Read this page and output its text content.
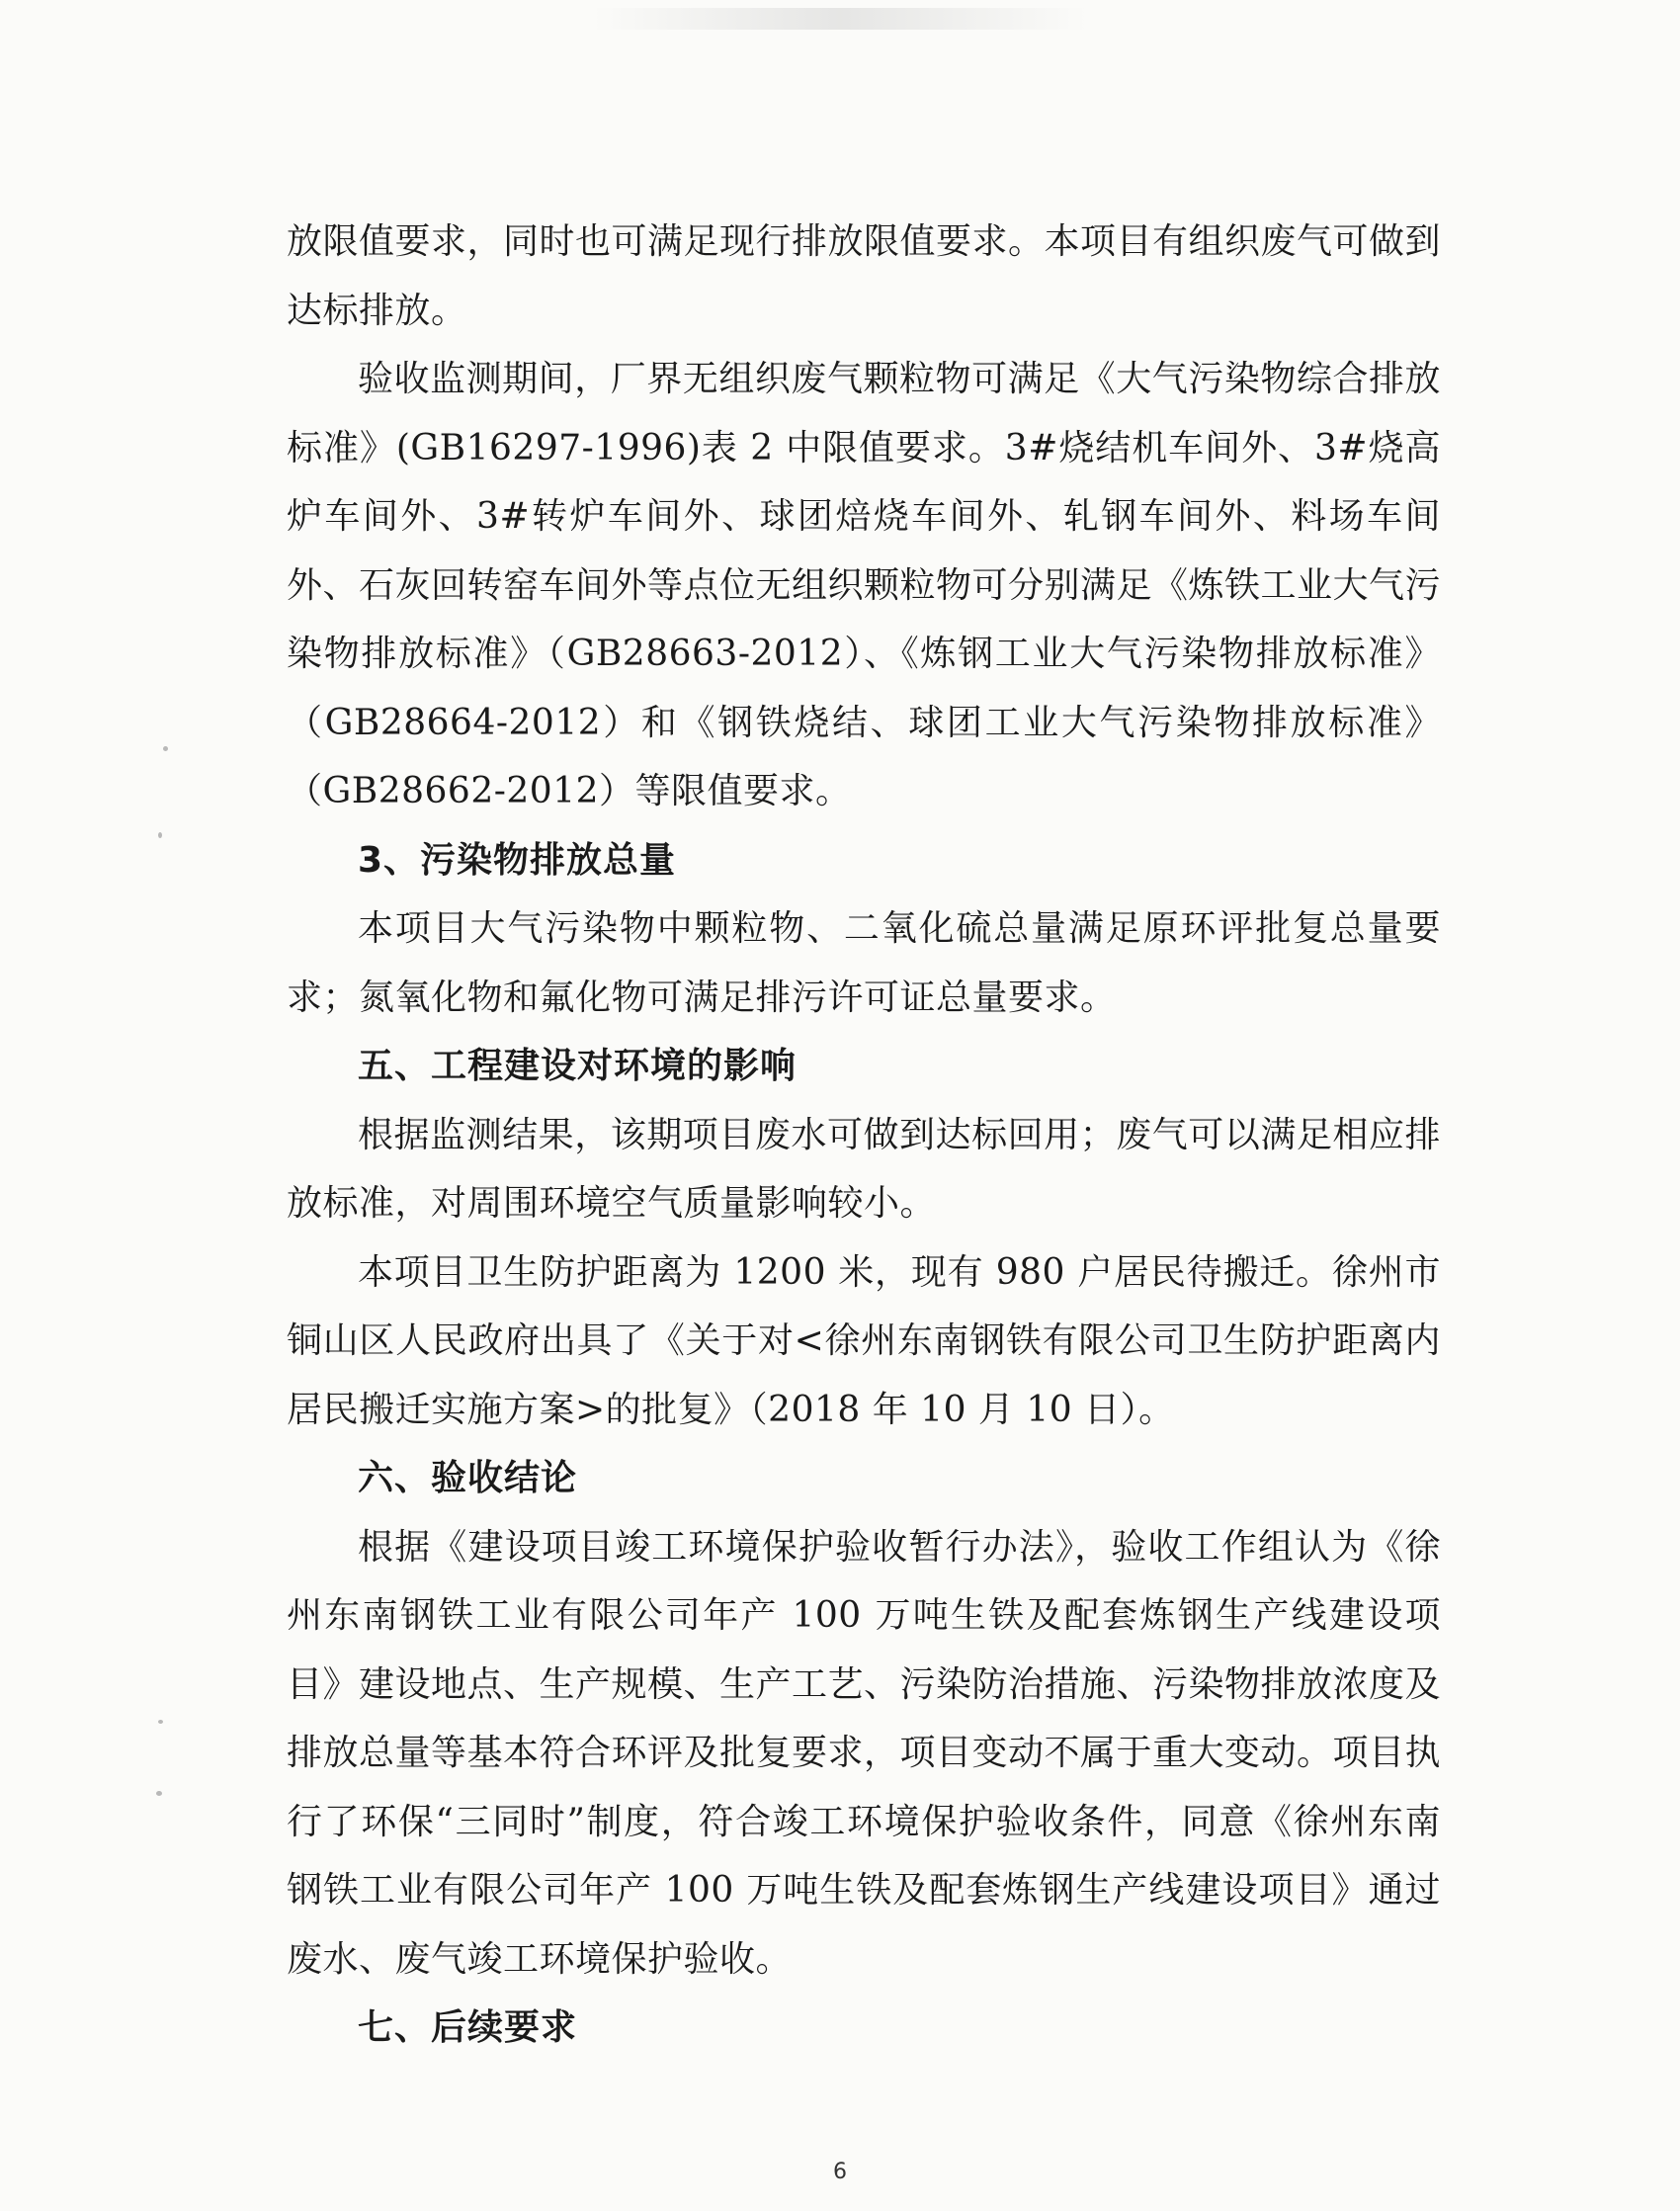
放限值要求，同时也可满足现行排放限值要求。本项目有组织废气可做到达标排放。

验收监测期间，厂界无组织废气颗粒物可满足《大气污染物综合排放标准》(GB16297-1996)表 2 中限值要求。3#烧结机车间外、3#烧高炉车间外、3#转炉车间外、球团焙烧车间外、轧钢车间外、料场车间外、石灰回转窑车间外等点位无组织颗粒物可分别满足《炼铁工业大气污染物排放标准》（GB28663-2012）、《炼钢工业大气污染物排放标准》（GB28664-2012）和《钢铁烧结、球团工业大气污染物排放标准》（GB28662-2012）等限值要求。

3、污染物排放总量

本项目大气污染物中颗粒物、二氧化硫总量满足原环评批复总量要求；氮氧化物和氟化物可满足排污许可证总量要求。

五、工程建设对环境的影响

根据监测结果，该期项目废水可做到达标回用；废气可以满足相应排放标准，对周围环境空气质量影响较小。

本项目卫生防护距离为 1200 米，现有 980 户居民待搬迁。徐州市铜山区人民政府出具了《关于对<徐州东南钢铁有限公司卫生防护距离内居民搬迁实施方案>的批复》（2018 年 10 月 10 日）。

六、验收结论

根据《建设项目竣工环境保护验收暂行办法》，验收工作组认为《徐州东南钢铁工业有限公司年产 100 万吨生铁及配套炼钢生产线建设项目》建设地点、生产规模、生产工艺、污染防治措施、污染物排放浓度及排放总量等基本符合环评及批复要求，项目变动不属于重大变动。项目执行了环保“三同时”制度，符合竣工环境保护验收条件，同意《徐州东南钢铁工业有限公司年产 100 万吨生铁及配套炼钢生产线建设项目》通过废水、废气竣工环境保护验收。

七、后续要求

6
